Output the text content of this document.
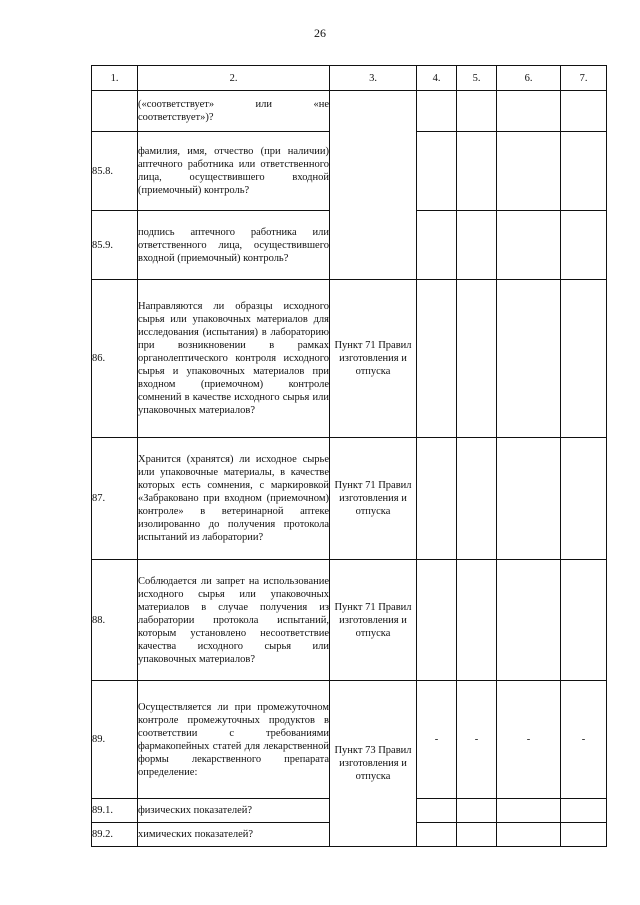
26
1.	2.	3.	4.	5.	6.	7.
	(«соответствует» или «не соответствует»)?					
85.8.	фамилия, имя, отчество (при наличии) аптечного работника или ответственного лица, осуществившего входной (приемочный) контроль?					
85.9.	подпись аптечного работника или ответственного лица, осуществившего входной (приемочный) контроль?					
86.	Направляются ли образцы исходного сырья или упаковочных материалов для исследования (испытания) в лабораторию при возникновении в рамках органолептического контроля исходного сырья и упаковочных материалов при входном (приемочном) контроле сомнений в качестве исходного сырья или упаковочных материалов?	Пункт 71 Правил изготовления и отпуска				
87.	Хранится (хранятся) ли исходное сырье или упаковочные материалы, в качестве которых есть сомнения, с маркировкой «Забраковано при входном (приемочном) контроле» в ветеринарной аптеке изолированно до получения протокола испытаний из лаборатории?	Пункт 71 Правил изготовления и отпуска				
88.	Соблюдается ли запрет на использование исходного сырья или упаковочных материалов в случае получения из лаборатории протокола испытаний, которым установлено несоответствие качества исходного сырья или упаковочных материалов?	Пункт 71 Правил изготовления и отпуска				
89.	Осуществляется ли при промежуточном контроле промежуточных продуктов в соответствии с требованиями фармакопейных статей для лекарственной формы лекарственного препарата определение:	Пункт 73 Правил изготовления и отпуска	-	-	-	-
89.1.	физических показателей?					
89.2.	химических показателей?					
